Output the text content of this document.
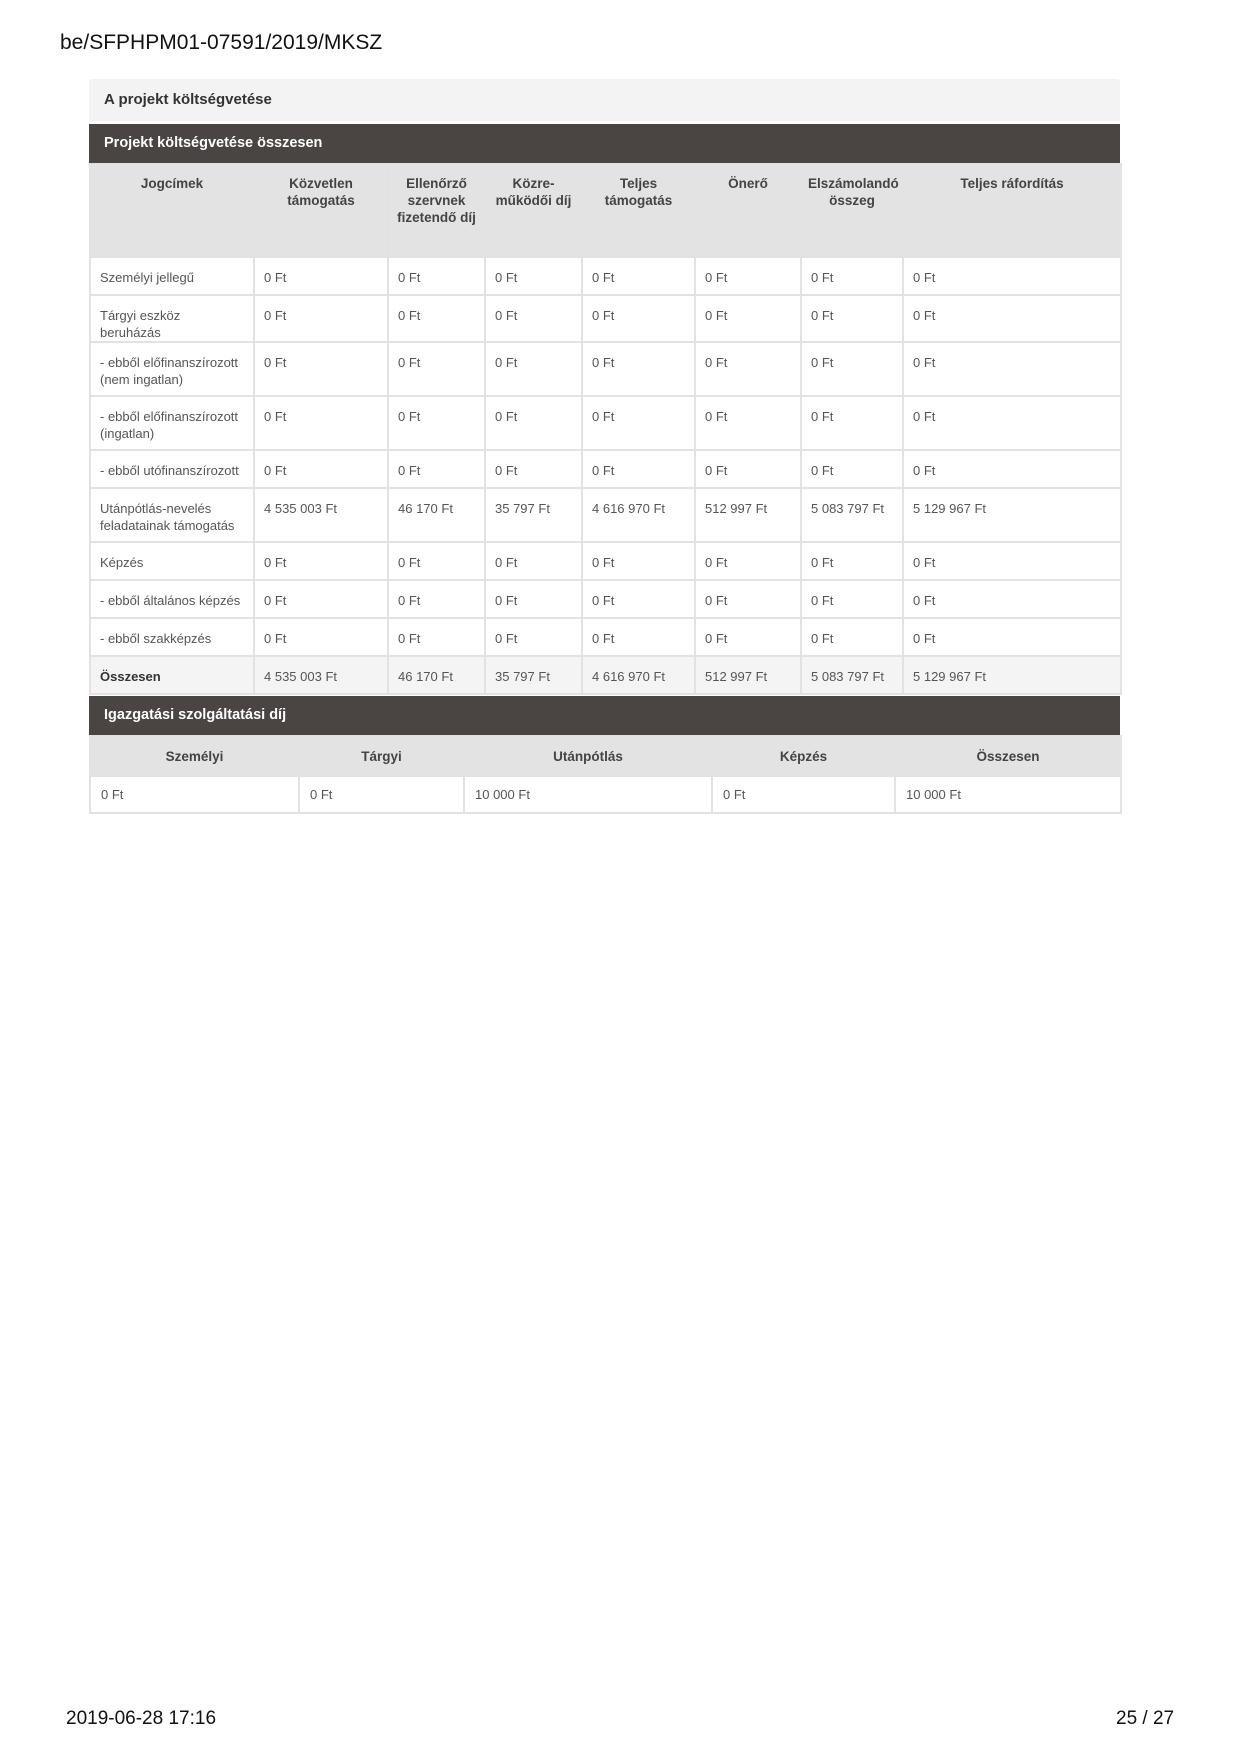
be/SFPHPM01-07591/2019/MKSZ
A projekt költségvetése
Projekt költségvetése összesen
Jogcímek	Közvetlen támogatás	Ellenőrző szervnek fizetendő díj	Közre-működői díj	Teljes támogatás	Önerő	Elszámolandó összeg	Teljes ráfordítás
Személyi jellegű	0 Ft	0 Ft	0 Ft	0 Ft	0 Ft	0 Ft	0 Ft
Tárgyi eszköz beruházás	0 Ft	0 Ft	0 Ft	0 Ft	0 Ft	0 Ft	0 Ft
- ebből előfinanszírozott (nem ingatlan)	0 Ft	0 Ft	0 Ft	0 Ft	0 Ft	0 Ft	0 Ft
- ebből előfinanszírozott (ingatlan)	0 Ft	0 Ft	0 Ft	0 Ft	0 Ft	0 Ft	0 Ft
- ebből utófinanszírozott	0 Ft	0 Ft	0 Ft	0 Ft	0 Ft	0 Ft	0 Ft
Utánpótlás-nevelés feladatainak támogatás	4 535 003 Ft	46 170 Ft	35 797 Ft	4 616 970 Ft	512 997 Ft	5 083 797 Ft	5 129 967 Ft
Képzés	0 Ft	0 Ft	0 Ft	0 Ft	0 Ft	0 Ft	0 Ft
- ebből általános képzés	0 Ft	0 Ft	0 Ft	0 Ft	0 Ft	0 Ft	0 Ft
- ebből szakképzés	0 Ft	0 Ft	0 Ft	0 Ft	0 Ft	0 Ft	0 Ft
Összesen	4 535 003 Ft	46 170 Ft	35 797 Ft	4 616 970 Ft	512 997 Ft	5 083 797 Ft	5 129 967 Ft
Igazgatási szolgáltatási díj
Személyi	Tárgyi	Utánpótlás	Képzés	Összesen
0 Ft	0 Ft	10 000 Ft	0 Ft	10 000 Ft
2019-06-28 17:16	25 / 27
